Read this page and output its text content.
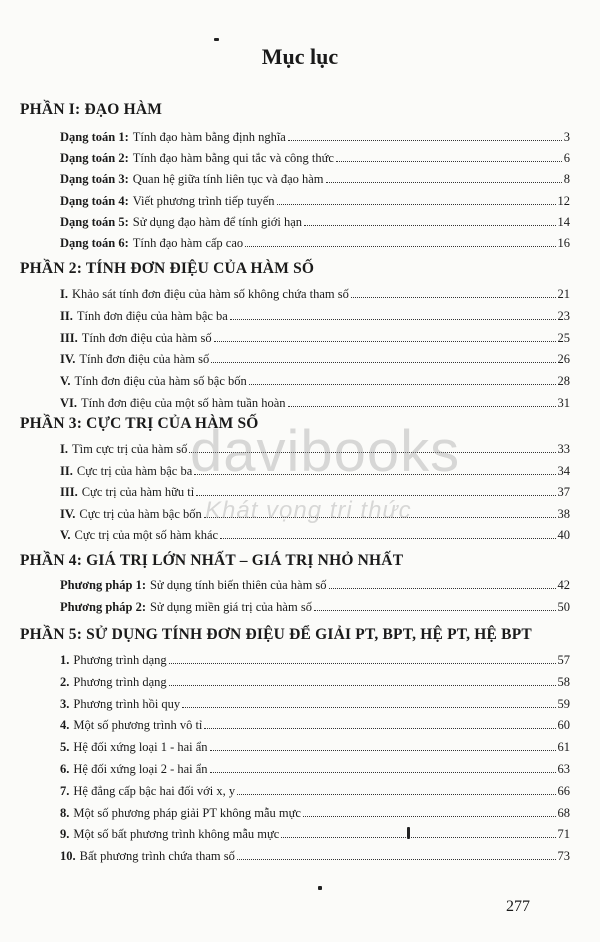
Mục lục
PHẦN I: ĐẠO HÀM
Dạng toán 1: Tính đạo hàm bằng định nghĩa	3
Dạng toán 2: Tính đạo hàm bằng qui tắc và công thức	6
Dạng toán 3: Quan hệ giữa tính liên tục và đạo hàm	8
Dạng toán 4: Viết phương trình tiếp tuyến	12
Dạng toán 5: Sử dụng đạo hàm để tính giới hạn	14
Dạng toán 6: Tính đạo hàm cấp cao	16
PHẦN 2: TÍNH ĐƠN ĐIỆU CỦA HÀM SỐ
I. Khảo sát tính đơn điệu của hàm số không chứa tham số	21
II. Tính đơn điệu của hàm bậc ba	23
III. Tính đơn điệu của hàm số	25
IV. Tính đơn điệu của hàm số	26
V. Tính đơn điệu của hàm số bậc bốn	28
VI. Tính đơn điệu của một số hàm tuần hoàn	31
PHẦN 3: CỰC TRỊ CỦA HÀM SỐ
I. Tìm cực trị của hàm số	33
II. Cực trị của hàm bậc ba	34
III. Cực trị của hàm hữu tỉ	37
IV. Cực trị của hàm bậc bốn	38
V. Cực trị của một số hàm khác	40
PHẦN 4: GIÁ TRỊ LỚN NHẤT – GIÁ TRỊ NHỎ NHẤT
Phương pháp 1: Sử dụng tính biến thiên của hàm số	42
Phương pháp 2: Sử dụng miền giá trị của hàm số	50
PHẦN 5: SỬ DỤNG TÍNH ĐƠN ĐIỆU ĐỂ GIẢI PT, BPT, HỆ PT, HỆ BPT
1. Phương trình dạng	57
2. Phương trình dạng	58
3. Phương trình hồi quy	59
4. Một số phương trình vô tỉ	60
5. Hệ đối xứng loại 1 - hai ẩn	61
6. Hệ đối xứng loại 2 - hai ẩn	63
7. Hệ đẳng cấp bậc hai đối với x, y	66
8. Một số phương pháp giải PT không mẫu mực	68
9. Một số bất phương trình không mẫu mực	71
10. Bất phương trình chứa tham số	73
davibooks
Khát vọng tri thức
277
